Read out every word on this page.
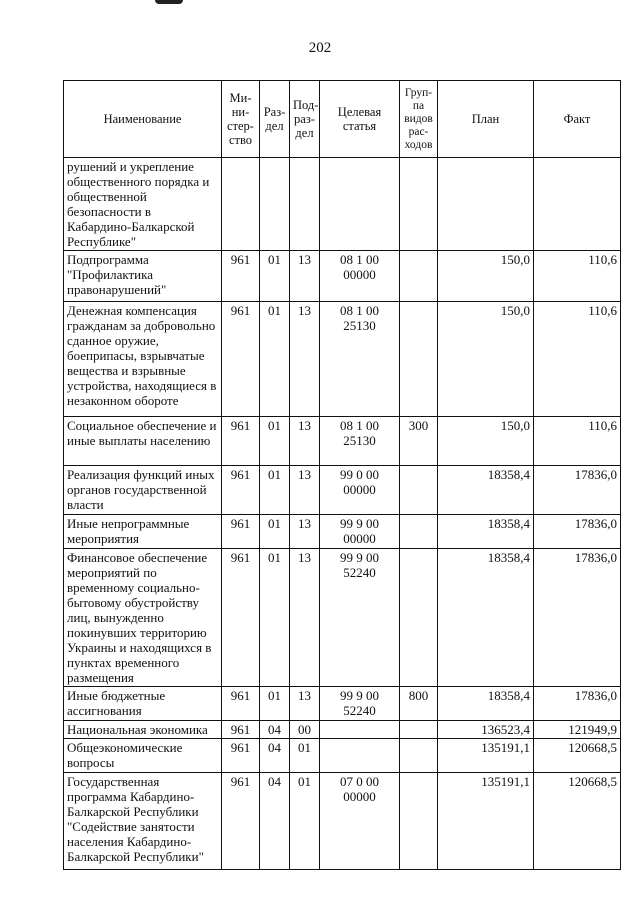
202
Наименование	Ми-
ни-
стер-
ство	Раз-
дел	Под-
раз-
дел	Целевая
статья	Груп-
па
видов
рас-
ходов	План	Факт
рушений и укрепление общественного порядка и общественной безопасности в Кабардино-Балкарской Республике"							
Подпрограмма "Профилактика правонарушений"	961	01	13	08 1 00 00000		150,0	110,6
Денежная компенсация гражданам за добровольно сданное оружие, боеприпасы, взрывчатые вещества и взрывные устройства, находящиеся в незаконном обороте	961	01	13	08 1 00 25130		150,0	110,6
Социальное обеспечение и иные выплаты населению	961	01	13	08 1 00 25130	300	150,0	110,6
Реализация функций иных органов государственной власти	961	01	13	99 0 00 00000		18358,4	17836,0
Иные непрограммные мероприятия	961	01	13	99 9 00 00000		18358,4	17836,0
Финансовое обеспечение мероприятий по временному социально-бытовому обустройству лиц, вынужденно покинувших территорию Украины и находящихся в пунктах временного размещения	961	01	13	99 9 00 52240		18358,4	17836,0
Иные бюджетные ассигнования	961	01	13	99 9 00 52240	800	18358,4	17836,0
Национальная экономика	961	04	00			136523,4	121949,9
Общеэкономические вопросы	961	04	01			135191,1	120668,5
Государственная программа Кабардино-Балкарской Республики "Содействие занятости населения Кабардино-Балкарской Республики"	961	04	01	07 0 00 00000		135191,1	120668,5
